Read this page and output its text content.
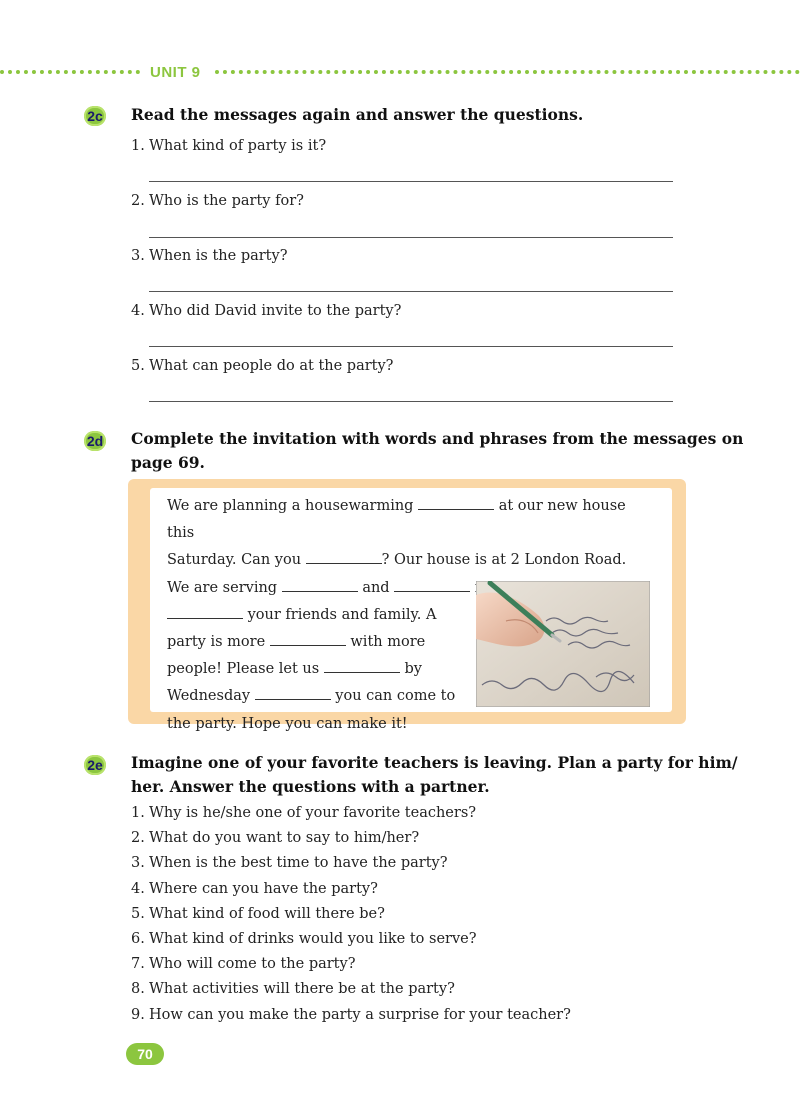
UNIT 9
2c Read the messages again and answer the questions.
1. What kind of party is it?
2. Who is the party for?
3. When is the party?
4. Who did David invite to the party?
5. What can people do at the party?
2d Complete the invitation with words and phrases from the messages on
page 69.
We are planning a housewarming	at our new house this
Saturday. Can you	? Our house is at 2 London Road.
We are serving	and
your friends and family. A
party is more	with more
people! Please let us	by
Wednesday	you can come to
the party. Hope you can make it!
2e Imagine one of your favorite teachers is leaving. Plan a party for him/
her. Answer the questions with a partner.
1. Why is he/she one of your favorite teachers?
2. What do you want to say to him/her?
3. When is the best time to have the party?
4. Where can you have the party?
5. What kind of food will there be?
6. What kind of drinks would you like to serve?
7. Who will come to the party?
8. What activities will there be at the party?
9. How can you make the party a surprise for your teacher?
70
